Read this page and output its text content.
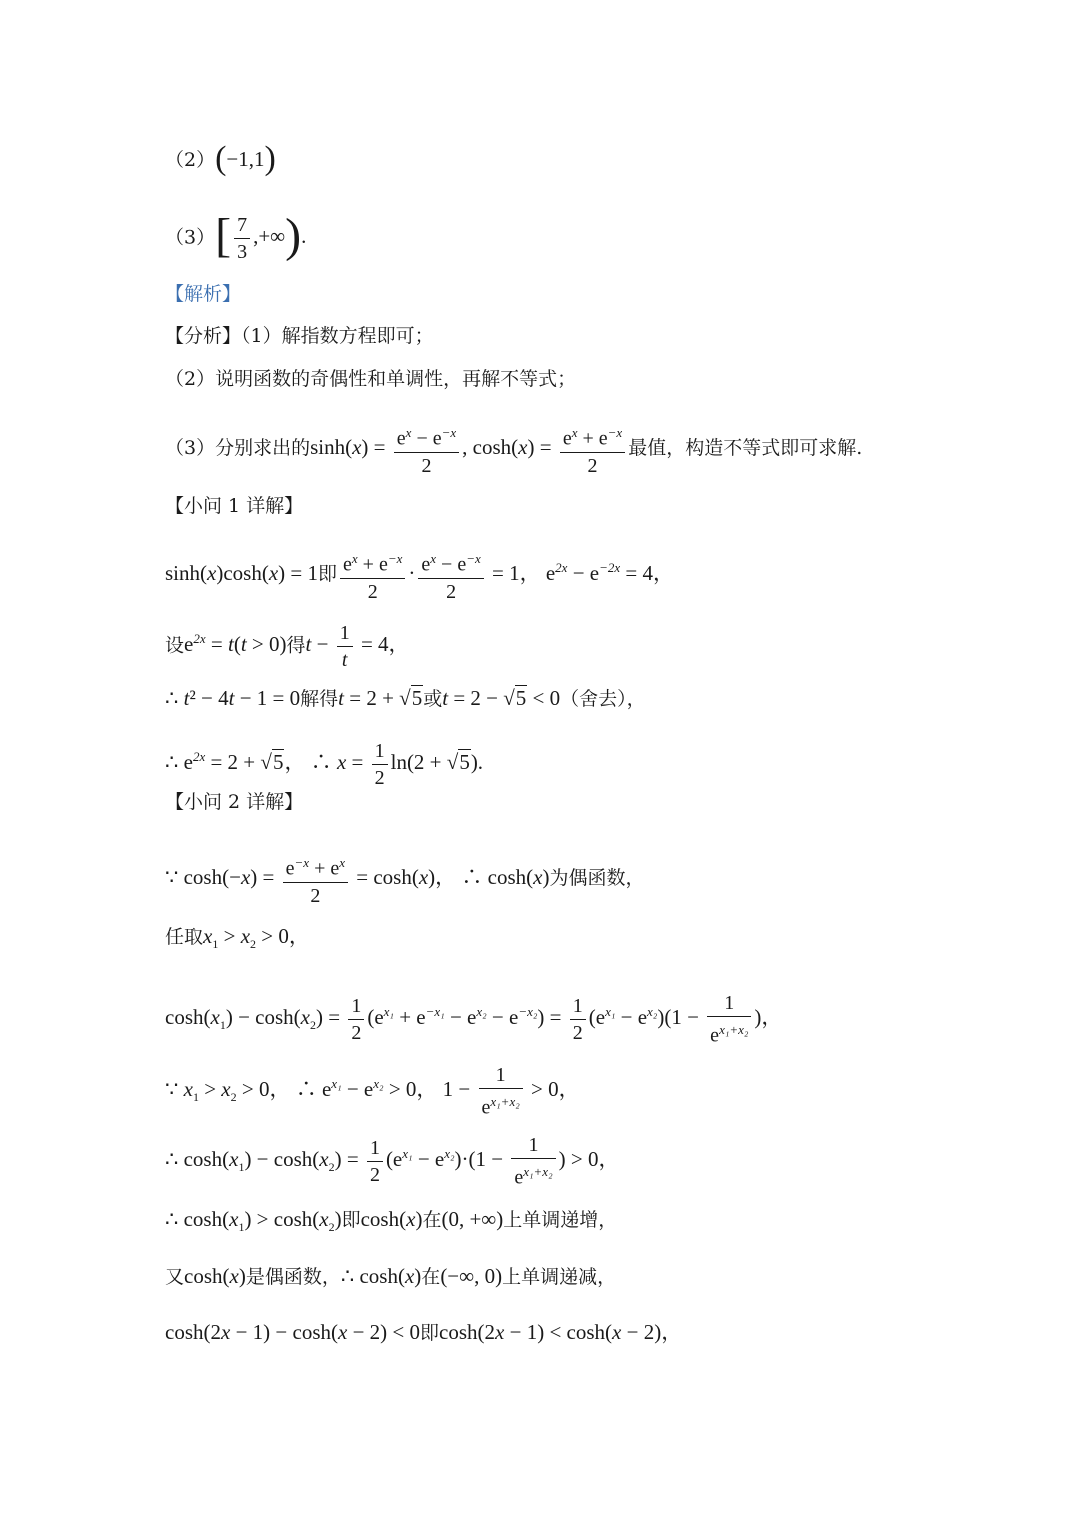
（2）(−1,1)
$(3)[ \frac{7}{3}$ ,+∞).
【解析】
【分析】（1）解指数方程即可；
（2）说明函数的奇偶性和单调性，再解不等式；
（3）分别求出的$\sinh(x) = \frac{e^x - e^{-x}}{2}$ , $\cosh(x) = \frac{e^x + e^{-x}}{2}$ 最值，构造不等式即可求解.
【小问 1 详解】
sinh(x)cosh(x) = 1即 $\frac{e^x + e^{-x}}{2} \cdot \frac{e^x - e^{-x}}{2} = 1$， $e^{2x} - e^{-2x} = 4$，
设$e^{2x} = t(t > 0)$得$t - \frac{1}{t} = 4$，
∴ t² − 4t − 1 = 0解得t = 2 + √5或t = 2 − √5 < 0（舍去），
∴ $e^{2x} = 2 + √5$， ∴ $x = \frac{1}{2} \ln(2 + √5)$.
【小问 2 详解】
∵ $\cosh(-x) = \frac{e^{-x} + e^x}{2} = \cosh(x)$， ∴ cosh(x)为偶函数，
任取$x_1 > x_2 > 0$，
$\cosh(x_1) - \cosh(x_2) = \frac{1}{2} (e^{x_1} + e^{-x_1} - e^{x_2} - e^{-x_2}) = \frac{1}{2} (e^{x_1} - e^{x_2})(1 - \frac{1}{e^{x_1+x_2}}$ )，
∵ $x_1 > x_2 > 0$， ∴ $e^{x_1} - e^{x_2} > 0$， $1 - \frac{1}{e^{x_1+x_2}} > 0$，
∴ $\cosh(x_1) - \cosh(x_2) = \frac{1}{2} (e^{x_1} - e^{x_2})\cdot(1 - \frac{1}{e^{x_1+x_2}}$ ) > 0，
∴ $\cosh(x_1) > \cosh(x_2)$即cosh(x)在(0, +∞)上单调递增，
又cosh(x)是偶函数，∴ cosh(x)在(−∞, 0)上单调递减，
cosh(2x − 1) − cosh(x − 2) < 0即cosh(2x − 1) < cosh(x − 2)，
